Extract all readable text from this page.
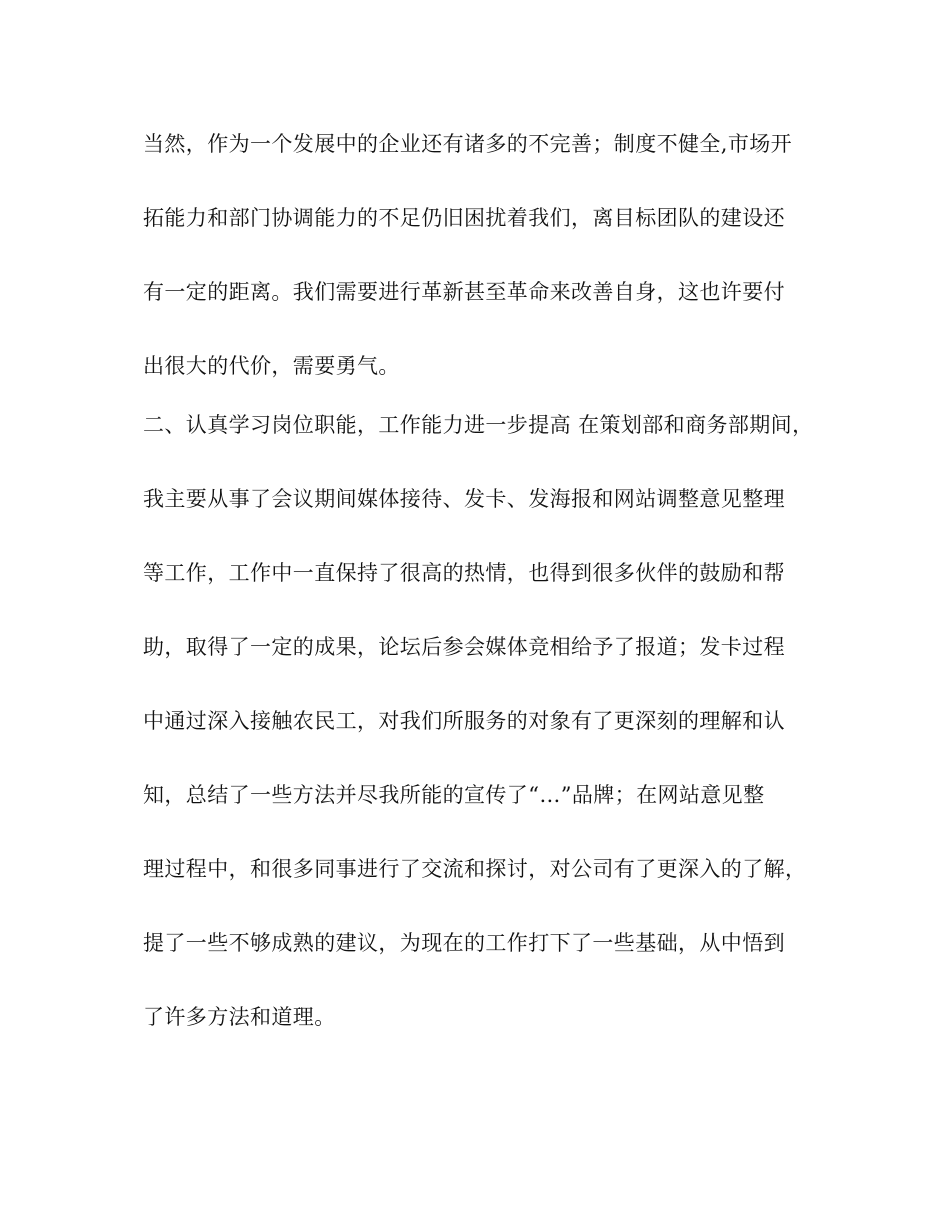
当然，作为一个发展中的企业还有诸多的不完善；制度不健全,市场开
拓能力和部门协调能力的不足仍旧困扰着我们，离目标团队的建设还
有一定的距离。我们需要进行革新甚至革命来改善自身，这也许要付
出很大的代价，需要勇气。
二、认真学习岗位职能，工作能力进一步提高 在策划部和商务部期间，
我主要从事了会议期间媒体接待、发卡、发海报和网站调整意见整理
等工作，工作中一直保持了很高的热情，也得到很多伙伴的鼓励和帮
助，取得了一定的成果，论坛后参会媒体竞相给予了报道；发卡过程
中通过深入接触农民工，对我们所服务的对象有了更深刻的理解和认
知，总结了一些方法并尽我所能的宣传了“…”品牌；在网站意见整
理过程中，和很多同事进行了交流和探讨，对公司有了更深入的了解，
提了一些不够成熟的建议，为现在的工作打下了一些基础，从中悟到
了许多方法和道理。
